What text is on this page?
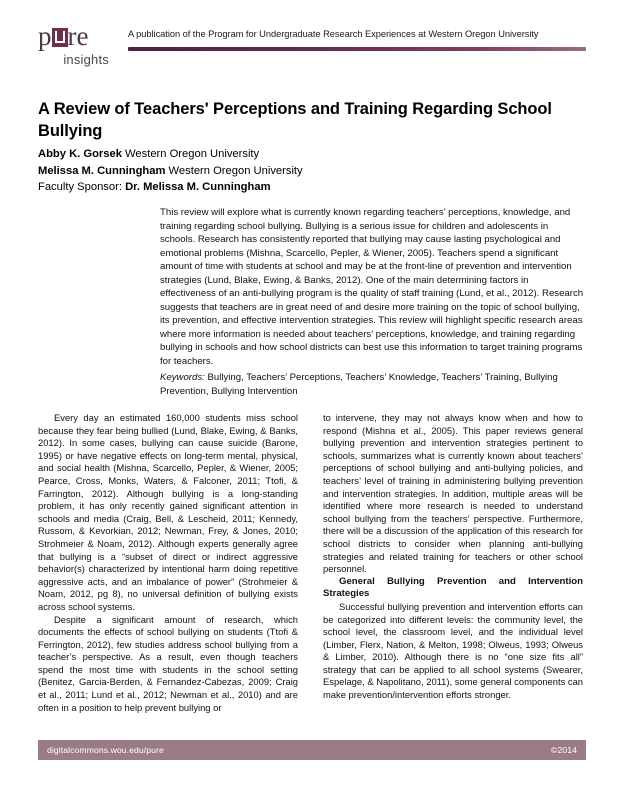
p re
insights
A publication of the Program for Undergraduate Research Experiences at Western Oregon University
A Review of Teachers' Perceptions and Training Regarding School Bullying
Abby K. Gorsek Western Oregon University
Melissa M. Cunningham Western Oregon University
Faculty Sponsor: Dr. Melissa M. Cunningham
This review will explore what is currently known regarding teachers’ perceptions, knowledge, and training regarding school bullying. Bullying is a serious issue for children and adolescents in schools. Research has consistently reported that bullying may cause lasting psychological and emotional problems (Mishna, Scarcello, Pepler, & Wiener, 2005). Teachers spend a significant amount of time with students at school and may be at the front-line of prevention and intervention strategies (Lund, Blake, Ewing, & Banks, 2012). One of the main determining factors in effectiveness of an anti-bullying program is the quality of staff training (Lund, et al., 2012). Research suggests that teachers are in great need of and desire more training on the topic of school bullying, its prevention, and effective intervention strategies. This review will highlight specific research areas where more information is needed about teachers’ perceptions, knowledge, and training regarding bullying in schools and how school districts can best use this information to target training programs for teachers.
Keywords: Bullying, Teachers’ Perceptions, Teachers’ Knowledge, Teachers’ Training, Bullying Prevention, Bullying Intervention

Every day an estimated 160,000 students miss school because they fear being bullied (Lund, Blake, Ewing, & Banks, 2012). In some cases, bullying can cause suicide (Barone, 1995) or have negative effects on long-term mental, physical, and social health (Mishna, Scarcello, Pepler, & Wiener, 2005; Pearce, Cross, Monks, Waters, & Falconer, 2011; Ttofi, & Farrington, 2012). Although bullying is a long-standing problem, it has only recently gained significant attention in schools and media (Craig, Bell, & Lescheid, 2011; Kennedy, Russom, & Kevorkian, 2012; Newman, Frey, & Jones, 2010; Strohmeier & Noam, 2012). Although experts generally agree that bullying is a “subset of direct or indirect aggressive behavior(s) characterized by intentional harm doing repetitive aggressive acts, and an imbalance of power” (Strohmeier & Noam, 2012, pg 8), no universal definition of bullying exists across school systems.

Despite a significant amount of research, which documents the effects of school bullying on students (Ttofi & Ferrington, 2012), few studies address school bullying from a teacher’s perspective. As a result, even though teachers spend the most time with students in the school setting (Benitez, Garcia-Berden, & Fernandez-Cabezas, 2009; Craig et al., 2011; Lund et al., 2012; Newman et al., 2010) and are often in a position to help prevent bullying or

to intervene, they may not always know when and how to respond (Mishna et al., 2005). This paper reviews general bullying prevention and intervention strategies pertinent to schools, summarizes what is currently known about teachers’ perceptions of school bullying and anti-bullying policies, and teachers’ level of training in administering bullying prevention and intervention strategies. In addition, multiple areas will be identified where more research is needed to understand school bullying from the teachers’ perspective. Furthermore, there will be a discussion of the application of this research for school districts to consider when planning anti-bullying strategies and related training for teachers or other school personnel.

General Bullying Prevention and Intervention Strategies

Successful bullying prevention and intervention efforts can be categorized into different levels: the community level, the school level, the classroom level, and the individual level (Limber, Flerx, Nation, & Melton, 1998; Olweus, 1993; Olweus & Limber, 2010). Although there is no “one size fits all” strategy that can be applied to all school systems (Swearer, Espelage, & Napolitano, 2011), some general components can make prevention/intervention efforts stronger.

digitalcommons.wou.edu/pure	©2014
